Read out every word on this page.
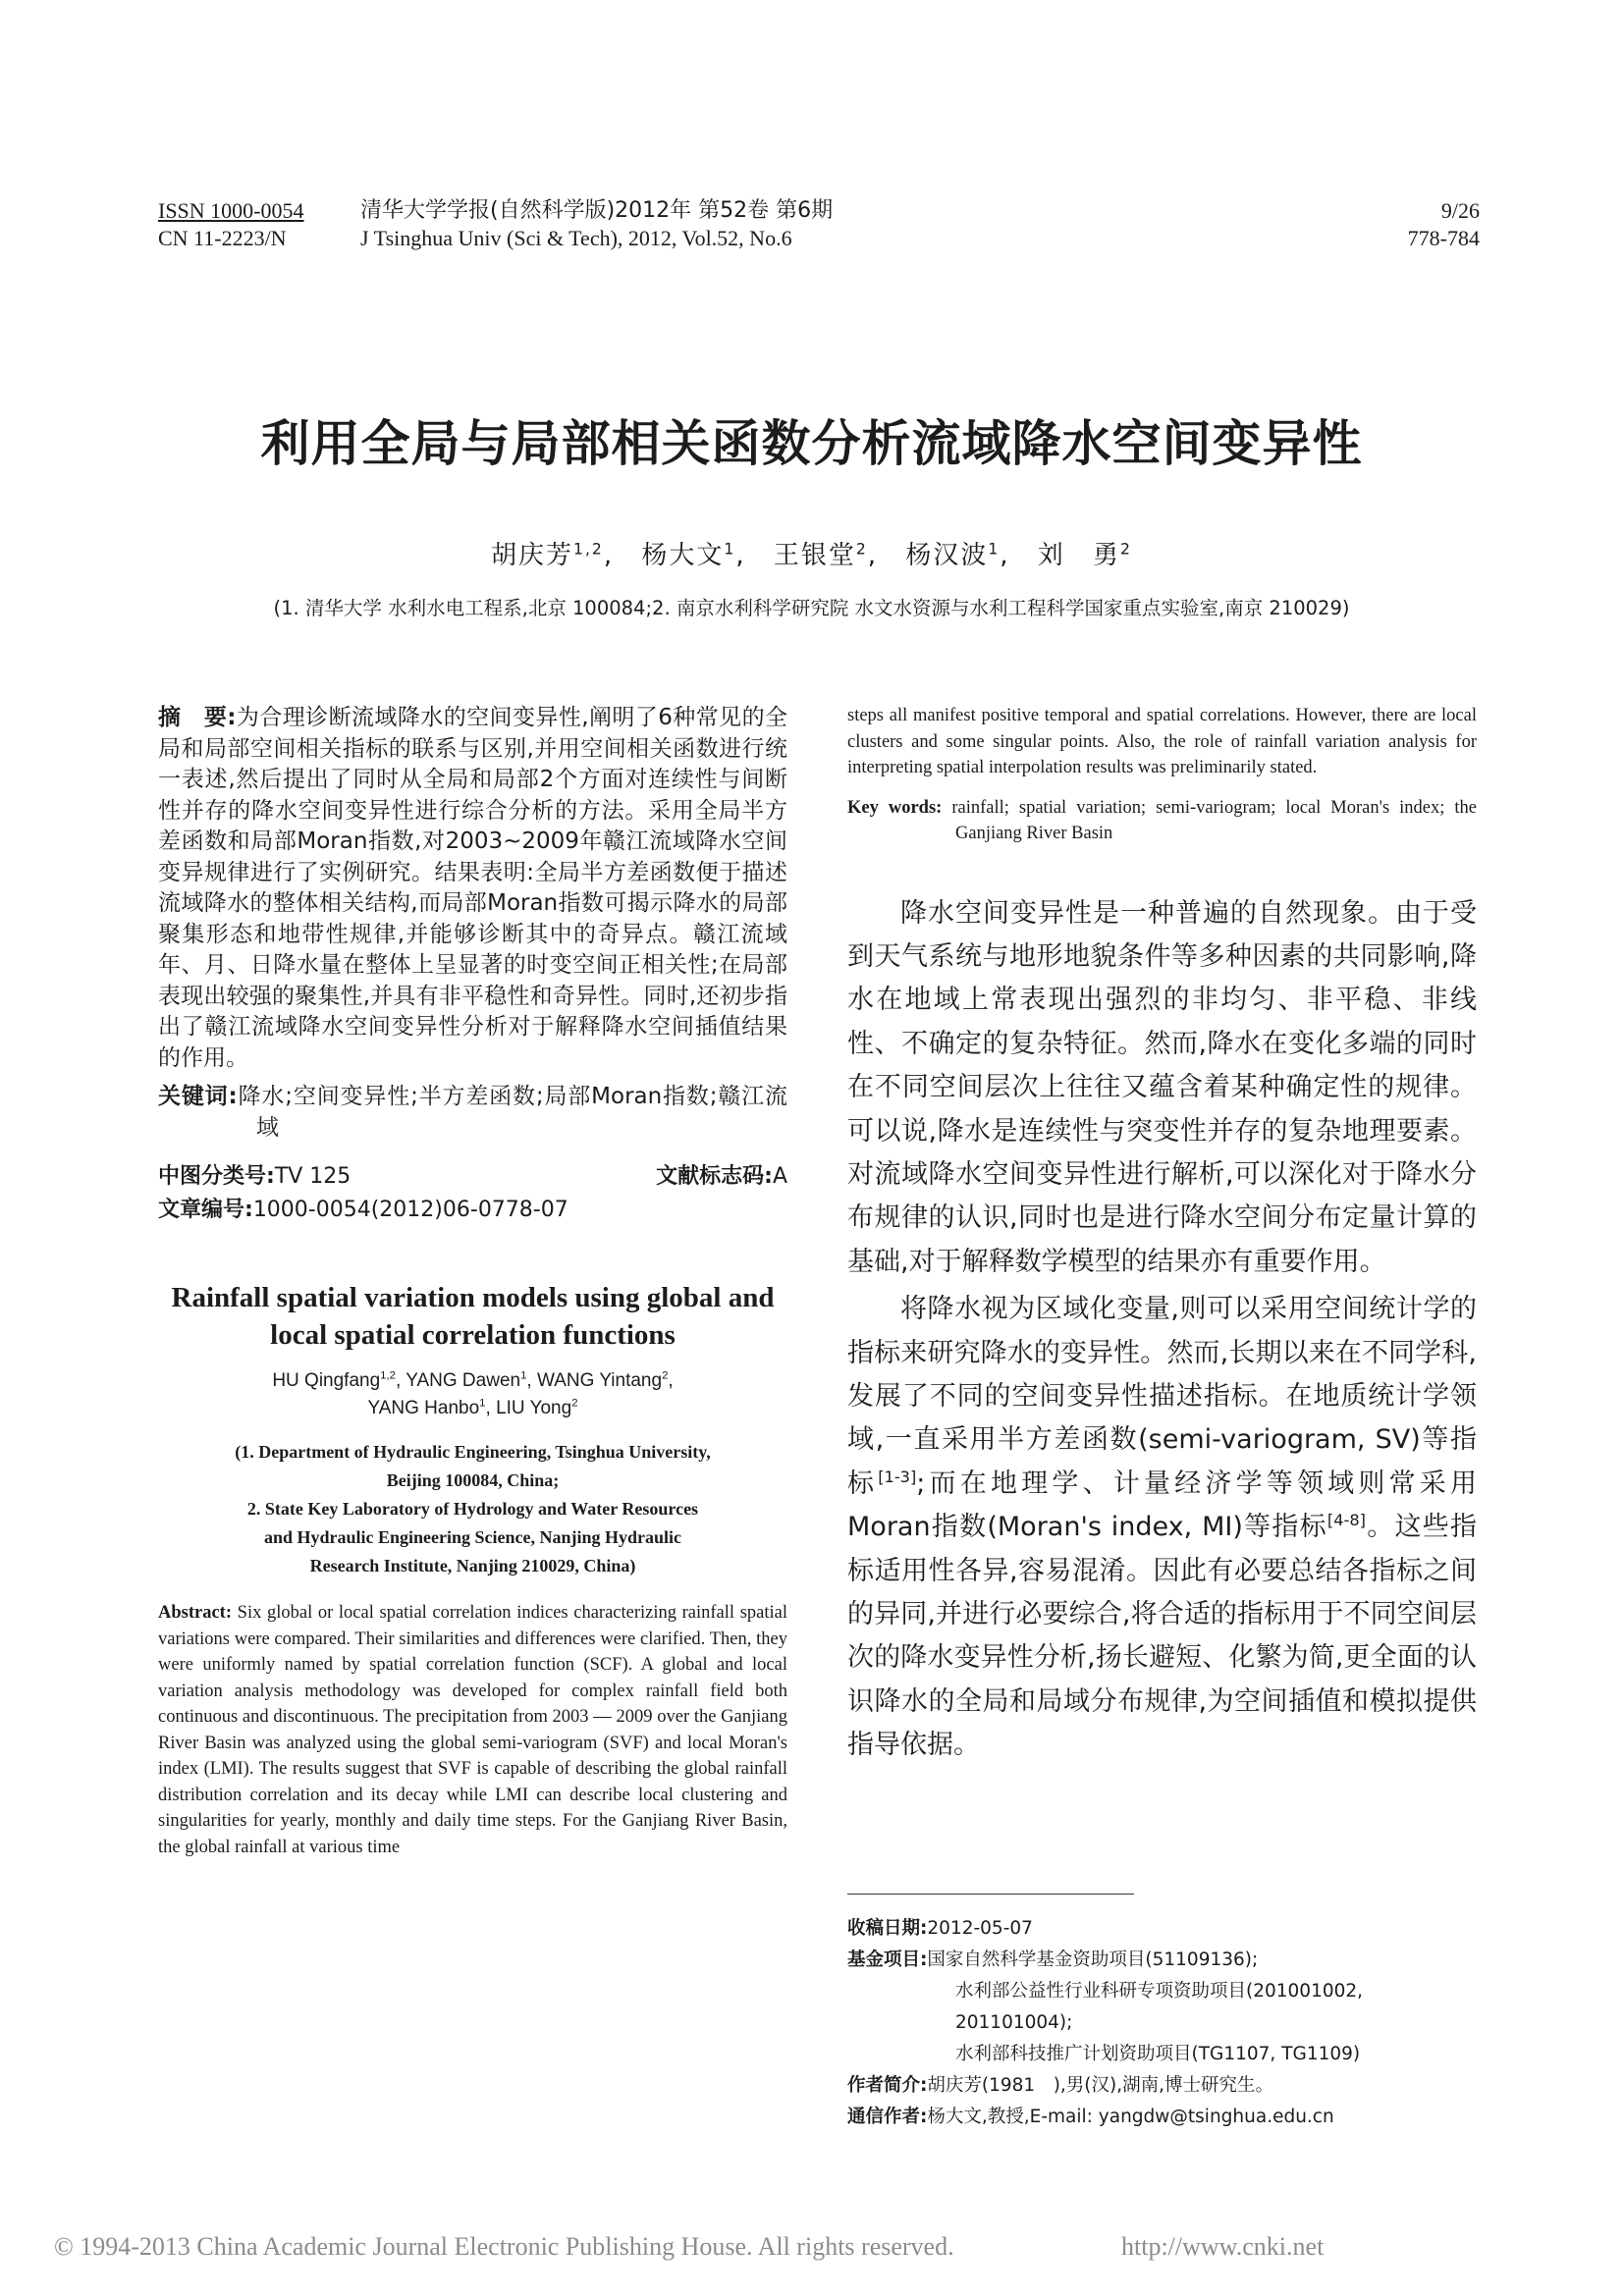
ISSN 1000-0054
CN 11-2223/N
清华大学学报(自然科学版)2012年 第52卷 第6期
J Tsinghua Univ (Sci & Tech), 2012, Vol.52, No.6
9/26
778-784
利用全局与局部相关函数分析流域降水空间变异性
胡庆芳$^{1,2}$, 杨大文$^1$, 王银堂$^2$, 杨汉波$^1$, 刘 勇$^2$
(1. 清华大学 水利水电工程系,北京 100084;2. 南京水利科学研究院 水文水资源与水利工程科学国家重点实验室,南京 210029)

摘　要:为合理诊断流域降水的空间变异性,阐明了6种常见的全局和局部空间相关指标的联系与区别,并用空间相关函数进行统一表述,然后提出了同时从全局和局部2个方面对连续性与间断性并存的降水空间变异性进行综合分析的方法。采用全局半方差函数和局部Moran指数,对2003~2009年赣江流域降水空间变异规律进行了实例研究。结果表明:全局半方差函数便于描述流域降水的整体相关结构,而局部Moran指数可揭示降水的局部聚集形态和地带性规律,并能够诊断其中的奇异点。赣江流域年、月、日降水量在整体上呈显著的时变空间正相关性;在局部表现出较强的聚集性,并具有非平稳性和奇异性。同时,还初步指出了赣江流域降水空间变异性分析对于解释降水空间插值结果的作用。

关键词:降水;空间变异性;半方差函数;局部Moran指数;赣江流域
中图分类号:TV 125	文献标志码:A
文章编号:1000-0054(2012)06-0778-07
Rainfall spatial variation models using global and local spatial correlation functions
HU Qingfang$^{1,2}$, YANG Dawen$^1$, WANG Yintang$^2$,
YANG Hanbo$^1$, LIU Yong$^2$
(1. Department of Hydraulic Engineering, Tsinghua University,
Beijing 100084, China;
2. State Key Laboratory of Hydrology and Water Resources
and Hydraulic Engineering Science, Nanjing Hydraulic
Research Institute, Nanjing 210029, China)

Abstract: Six global or local spatial correlation indices characterizing rainfall spatial variations were compared. Their similarities and differences were clarified. Then, they were uniformly named by spatial correlation function (SCF). A global and local variation analysis methodology was developed for complex rainfall field both continuous and discontinuous. The precipitation from 2003 — 2009 over the Ganjiang River Basin was analyzed using the global semi-variogram (SVF) and local Moran's index (LMI). The results suggest that SVF is capable of describing the global rainfall distribution correlation and its decay while LMI can describe local clustering and singularities for yearly, monthly and daily time steps. For the Ganjiang River Basin, the global rainfall at various time

steps all manifest positive temporal and spatial correlations. However, there are local clusters and some singular points. Also, the role of rainfall variation analysis for interpreting spatial interpolation results was preliminarily stated.

Key words: rainfall; spatial variation; semi-variogram; local Moran's index; the Ganjiang River Basin

降水空间变异性是一种普遍的自然现象。由于受到天气系统与地形地貌条件等多种因素的共同影响,降水在地域上常表现出强烈的非均匀、非平稳、非线性、不确定的复杂特征。然而,降水在变化多端的同时在不同空间层次上往往又蕴含着某种确定性的规律。可以说,降水是连续性与突变性并存的复杂地理要素。对流域降水空间变异性进行解析,可以深化对于降水分布规律的认识,同时也是进行降水空间分布定量计算的基础,对于解释数学模型的结果亦有重要作用。

将降水视为区域化变量,则可以采用空间统计学的指标来研究降水的变异性。然而,长期以来在不同学科,发展了不同的空间变异性描述指标。在地质统计学领域,一直采用半方差函数(semi-variogram, SV)等指标[1-3];而在地理学、计量经济学等领域则常采用Moran指数(Moran's index, MI)等指标[4-8]。这些指标适用性各异,容易混淆。因此有必要总结各指标之间的异同,并进行必要综合,将合适的指标用于不同空间层次的降水变异性分析,扬长避短、化繁为简,更全面的认识降水的全局和局域分布规律,为空间插值和模拟提供指导依据。

收稿日期:2012-05-07
基金项目:国家自然科学基金资助项目(51109136);
水利部公益性行业科研专项资助项目(201001002,
201101004);
水利部科技推广计划资助项目(TG1107, TG1109)
作者简介:胡庆芳(1981　),男(汉),湖南,博士研究生。
通信作者:杨大文,教授,E-mail: yangdw@tsinghua.edu.cn
© 1994-2013 China Academic Journal Electronic Publishing House. All rights reserved.	http://www.cnki.net
